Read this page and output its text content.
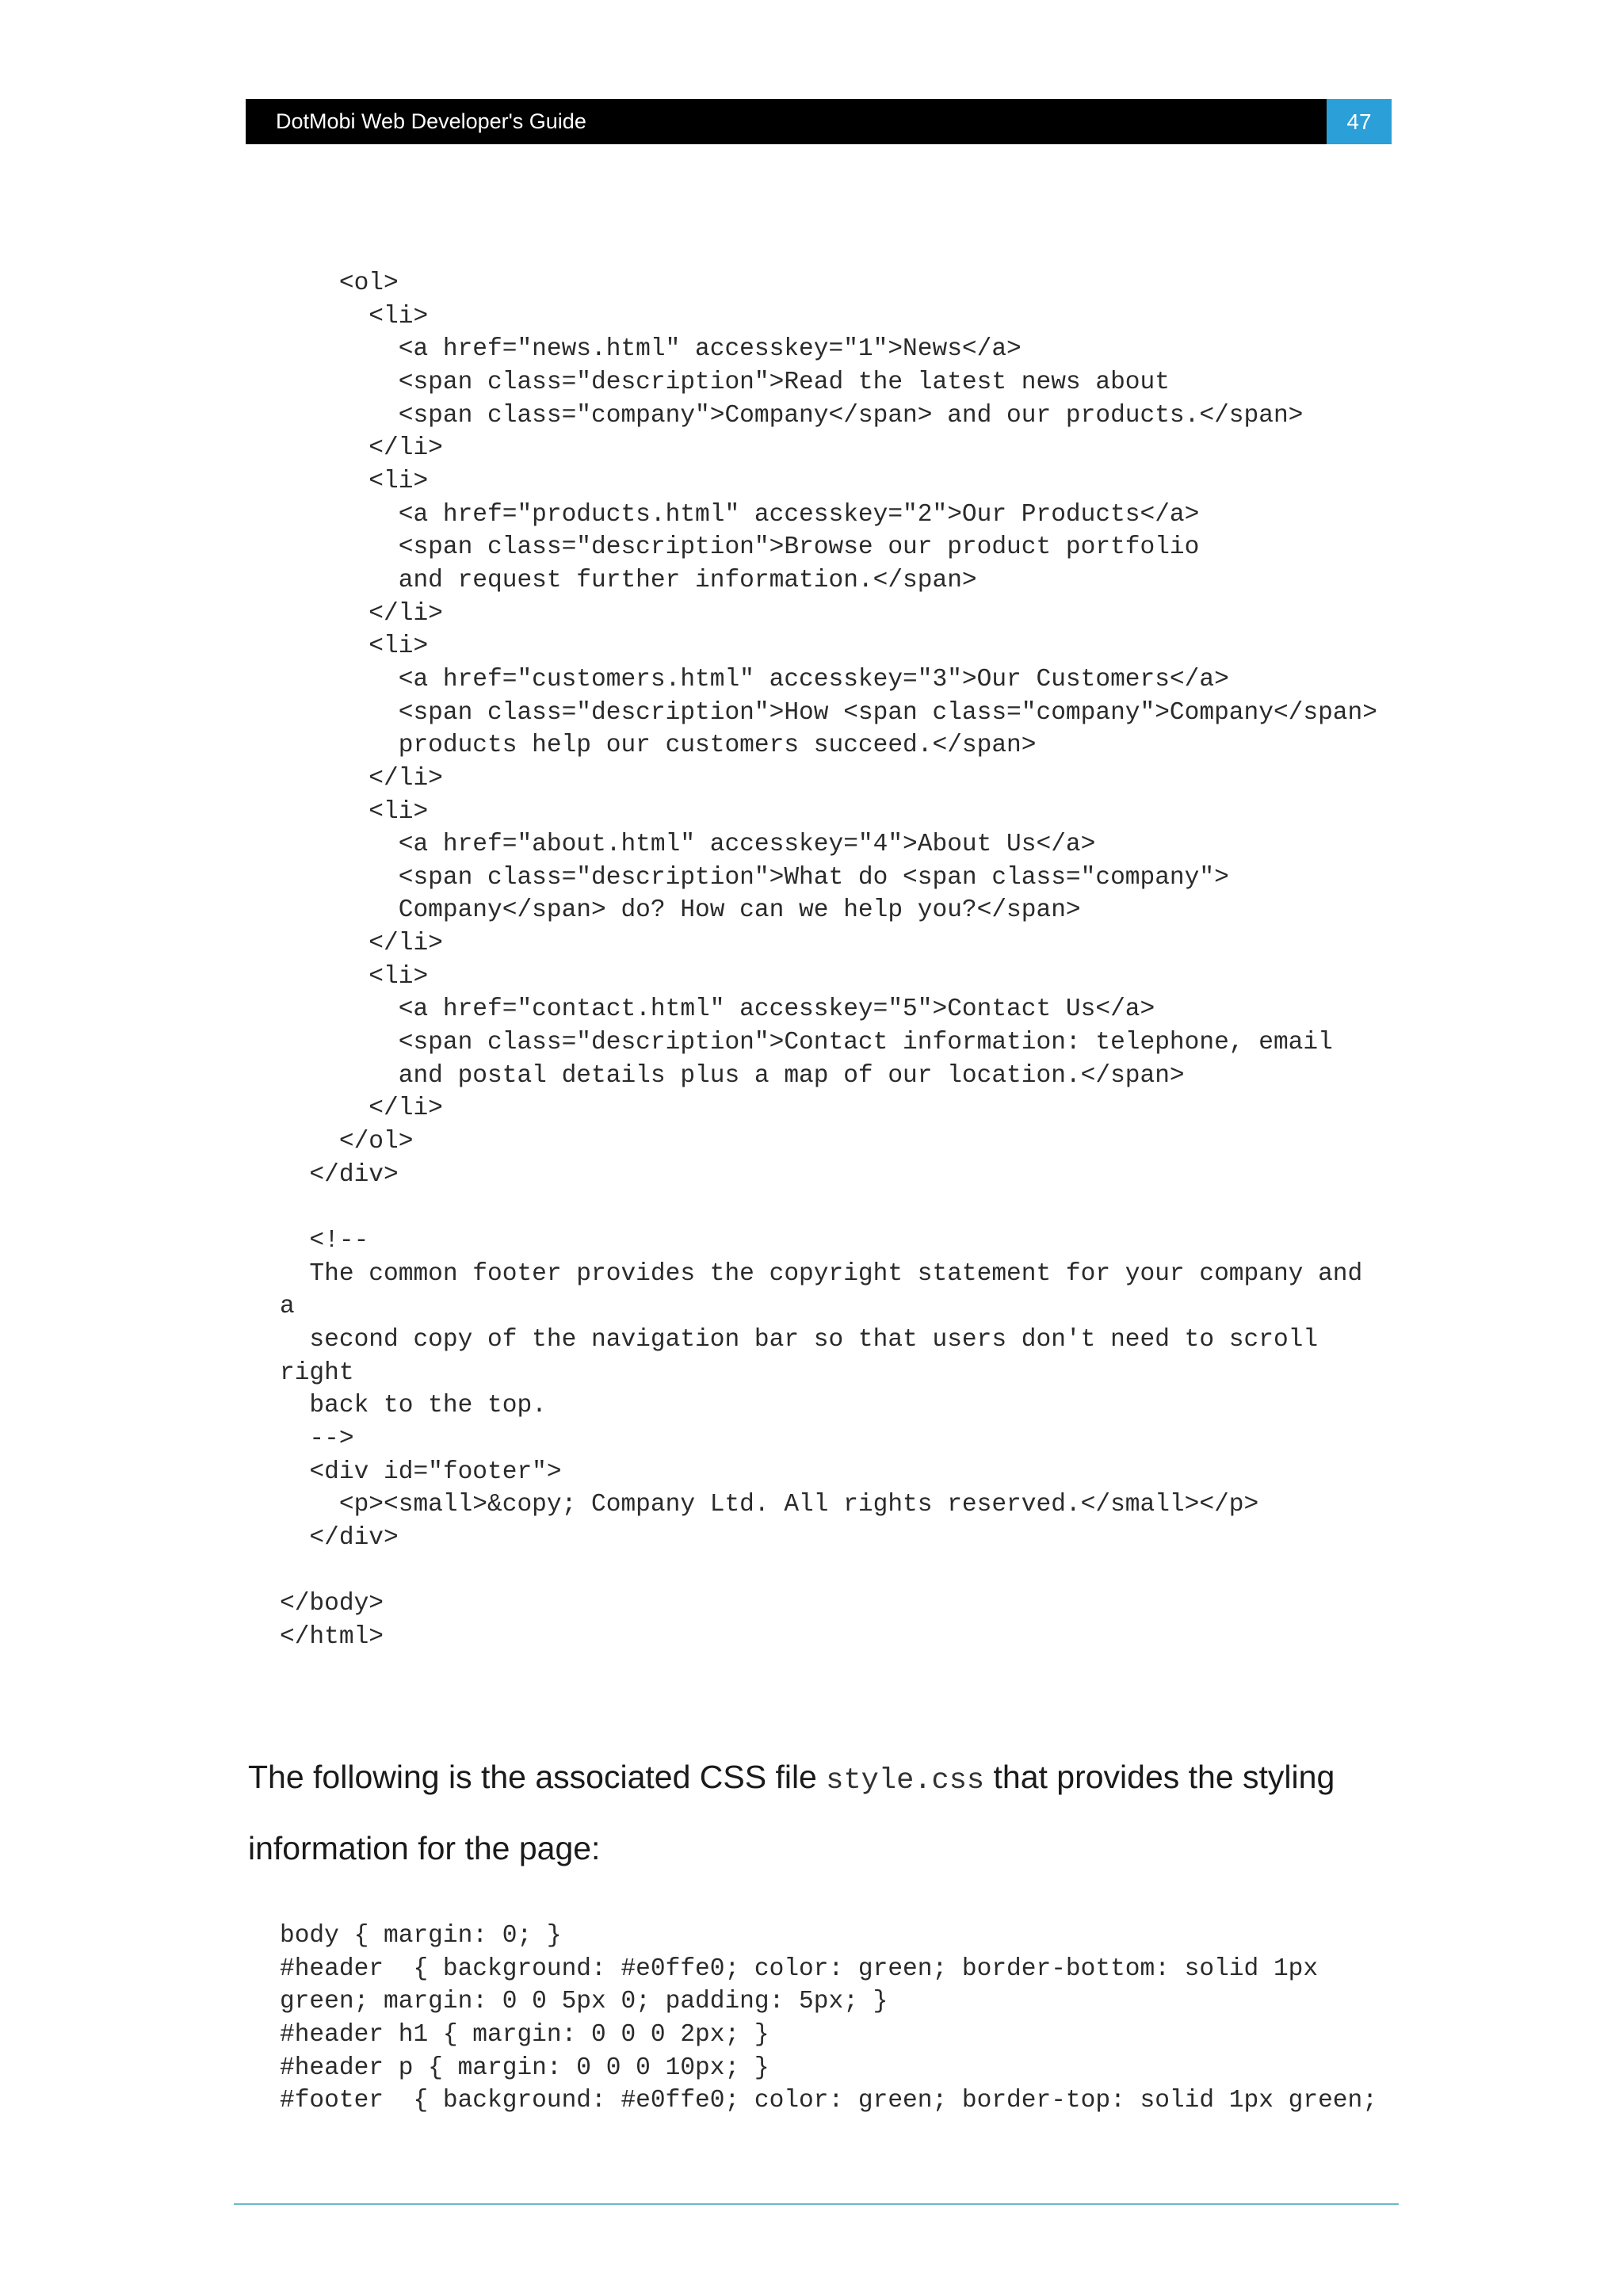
DotMobi Web Developer's Guide	47
<ol>
<li>
<a href="news.html" accesskey="1">News</a>
<span class="description">Read the latest news about
<span class="company">Company</span> and our products.</span>
</li>
<li>
<a href="products.html" accesskey="2">Our Products</a>
<span class="description">Browse our product portfolio
and request further information.</span>
</li>
<li>
<a href="customers.html" accesskey="3">Our Customers</a>
<span class="description">How <span class="company">Company</span>
products help our customers succeed.</span>
</li>
<li>
<a href="about.html" accesskey="4">About Us</a>
<span class="description">What do <span class="company">
Company</span> do? How can we help you?</span>
</li>
<li>
<a href="contact.html" accesskey="5">Contact Us</a>
<span class="description">Contact information: telephone, email
and postal details plus a map of our location.</span>
</li>
</ol>
</div>

<!--
The common footer provides the copyright statement for your company and
a
second copy of the navigation bar so that users don't need to scroll
right
back to the top.
-->
<div id="footer">
<p><small>&copy; Company Ltd. All rights reserved.</small></p>
</div>

</body>
</html>
The following is the associated CSS file style.css that provides the styling information for the page:
body { margin: 0; }
#header  { background: #e0ffe0; color: green; border-bottom: solid 1px
green; margin: 0 0 5px 0; padding: 5px; }
#header h1 { margin: 0 0 0 2px; }
#header p { margin: 0 0 0 10px; }
#footer  { background: #e0ffe0; color: green; border-top: solid 1px green;
